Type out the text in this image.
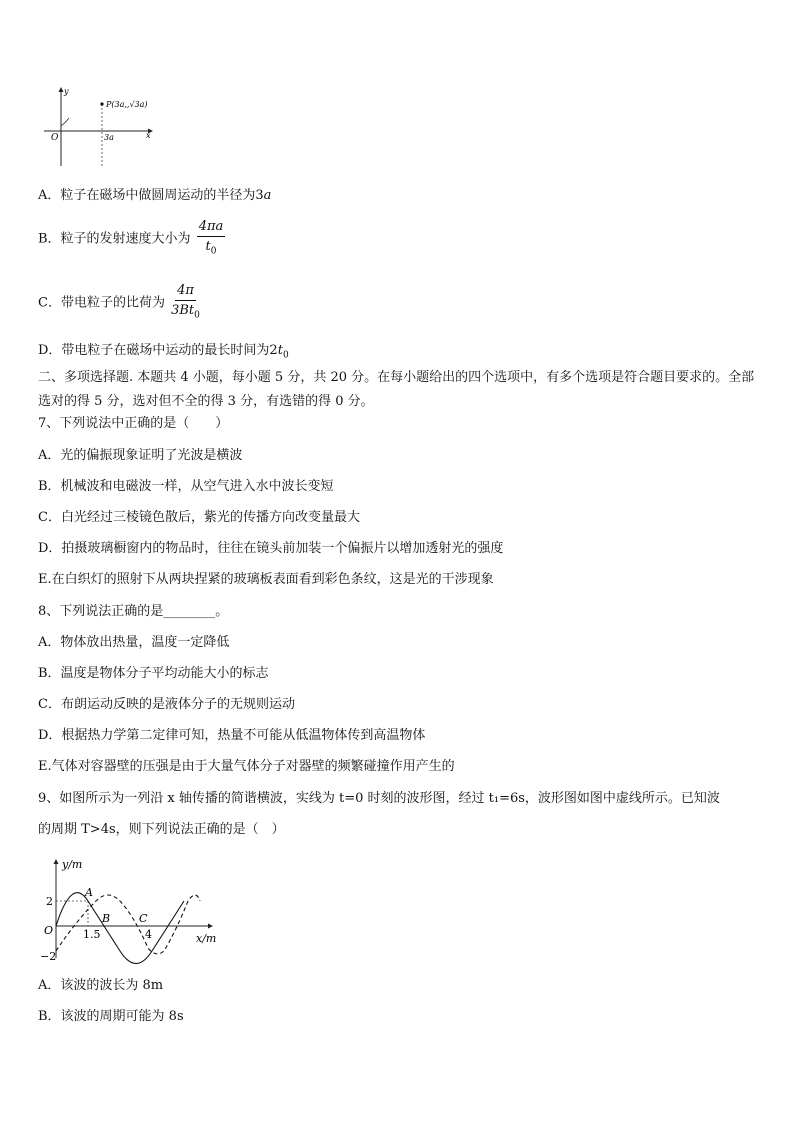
y
x
O
P(3a,,√3a)
3a
A．粒子在磁场中做圆周运动的半径为3a
B．粒子的发射速度大小为 $\frac{4\pi a}{t_0}$
C．带电粒子的比荷为 $\frac{4\pi}{3Bt_0}$
D．带电粒子在磁场中运动的最长时间为$2t_0$
二、多项选择题. 本题共 4 小题，每小题 5 分，共 20 分。在每小题给出的四个选项中，有多个选项是符合题目要求的。全部选对的得 5 分，选对但不全的得 3 分，有选错的得 0 分。
7、下列说法中正确的是（　　）
A．光的偏振现象证明了光波是横波
B．机械波和电磁波一样，从空气进入水中波长变短
C．白光经过三棱镜色散后，紫光的传播方向改变量最大
D．拍摄玻璃橱窗内的物品时，往往在镜头前加装一个偏振片以增加透射光的强度
E.在白织灯的照射下从两块捏紧的玻璃板表面看到彩色条纹，这是光的干涉现象
8、下列说法正确的是________。
A．物体放出热量，温度一定降低
B．温度是物体分子平均动能大小的标志
C．布朗运动反映的是液体分子的无规则运动
D．根据热力学第二定律可知，热量不可能从低温物体传到高温物体
E.气体对容器壁的压强是由于大量气体分子对器壁的频繁碰撞作用产生的
9、如图所示为一列沿 x 轴传播的简谐横波，实线为 t=0 时刻的波形图，经过 t₁=6s，波形图如图中虚线所示。已知波
的周期 T>4s，则下列说法正确的是（　）
y/m
x/m
O
2
−2
1.5	4
A
B	C
A．该波的波长为 8m
B．该波的周期可能为 8s
